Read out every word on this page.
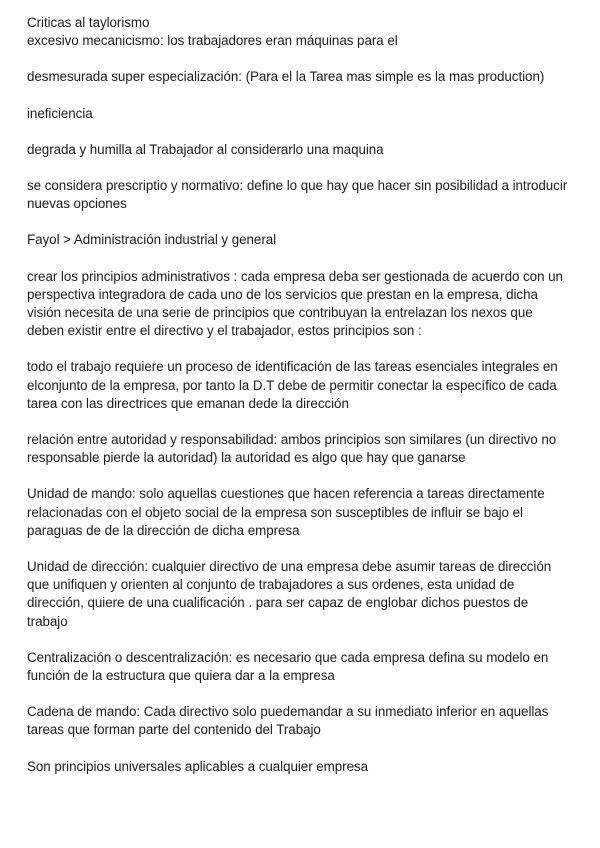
Criticas al taylorismo
excesivo mecanicismo: los trabajadores eran máquinas para el

desmesurada super especialización: (Para el la Tarea mas simple es la mas production)

ineficiencia

degrada y humilla al Trabajador al considerarlo una maquina

se considera prescriptio y normativo: define lo que hay que hacer sin posibilidad a introducir
nuevas opciones

Fayol > Administración industrial y general

crear los principios administrativos : cada empresa deba ser gestionada de acuerdo con un
perspectiva integradora de cada uno de los servicios que prestan en la empresa, dicha
visión necesita de una serie de principios que contribuyan la entrelazan los nexos que
deben existir entre el directivo y el trabajador, estos principios son :

todo el trabajo requiere un proceso de identificación de las tareas esenciales integrales en
elconjunto de la empresa, por tanto la D.T debe de permitir conectar la específico de cada
tarea con las directrices que emanan dede la dirección

relación entre autoridad y responsabilidad: ambos principios son similares (un directivo no
responsable pierde la autoridad) la autoridad es algo que hay que ganarse

Unidad de mando: solo aquellas cuestiones que hacen referencia a tareas directamente
relacionadas con el objeto social de la empresa son susceptibles de influir se bajo el
paraguas de de la dirección de dicha empresa

Unidad de dirección: cualquier directivo de una empresa debe asumir tareas de dirección
que unifiquen y orienten al conjunto de trabajadores a sus ordenes, esta unidad de
dirección, quiere de una cualificación . para ser capaz de englobar dichos puestos de
trabajo

Centralización o descentralización: es necesario que cada empresa defina su modelo en
función de la estructura que quiera dar a la empresa

Cadena de mando: Cada directivo solo puedemandar a su inmediato inferior en aquellas
tareas que forman parte del contenido del Trabajo

Son principios universales aplicables a cualquier empresa
